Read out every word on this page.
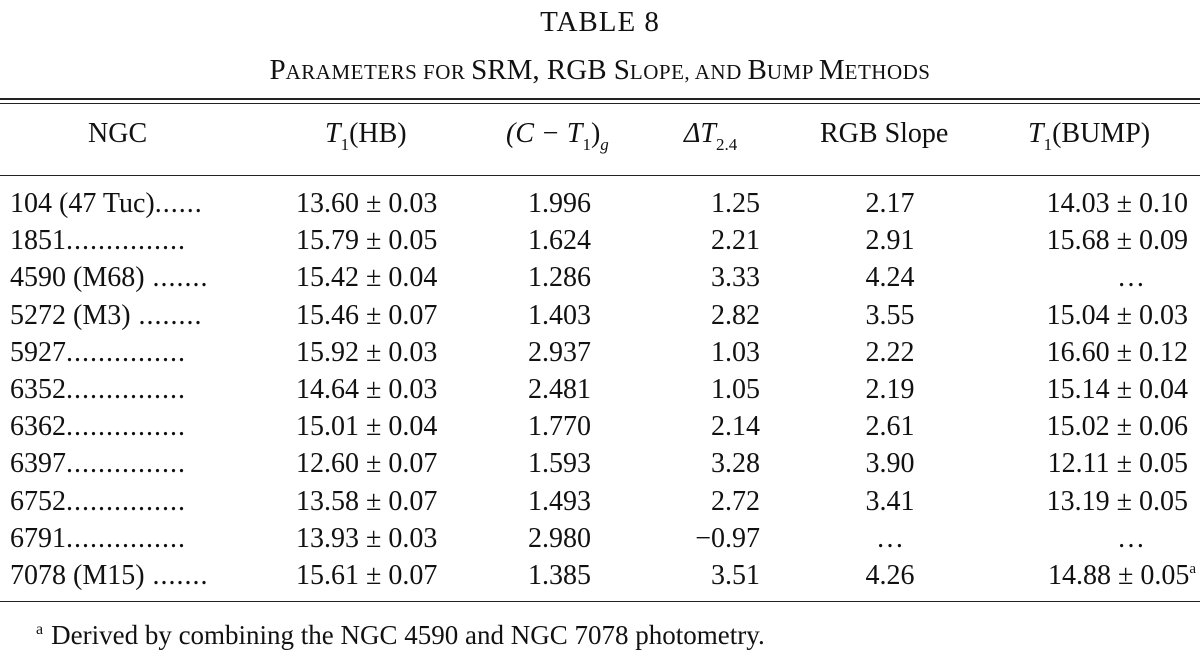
TABLE 8
PARAMETERS FOR SRM, RGB SLOPE, AND BUMP METHODS
NGC	$T_1(HB)$	$(C - T_1)_g$	$\Delta T_{2.4}$	RGB Slope	$T_1(BUMP)$
104 (47 Tuc)......	13.60 ± 0.03	1.996	1.25	2.17	14.03 ± 0.10
1851...............	15.79 ± 0.05	1.624	2.21	2.91	15.68 ± 0.09
4590 (M68) .......	15.42 ± 0.04	1.286	3.33	4.24	…
5272 (M3) ........	15.46 ± 0.07	1.403	2.82	3.55	15.04 ± 0.03
5927...............	15.92 ± 0.03	2.937	1.03	2.22	16.60 ± 0.12
6352...............	14.64 ± 0.03	2.481	1.05	2.19	15.14 ± 0.04
6362...............	15.01 ± 0.04	1.770	2.14	2.61	15.02 ± 0.06
6397...............	12.60 ± 0.07	1.593	3.28	3.90	12.11 ± 0.05
6752...............	13.58 ± 0.07	1.493	2.72	3.41	13.19 ± 0.05
6791...............	13.93 ± 0.03	2.980	−0.97	…	…
7078 (M15) .......	15.61 ± 0.07	1.385	3.51	4.26	14.88 ± 0.05$^a$
$^a$ Derived by combining the NGC 4590 and NGC 7078 photometry.
